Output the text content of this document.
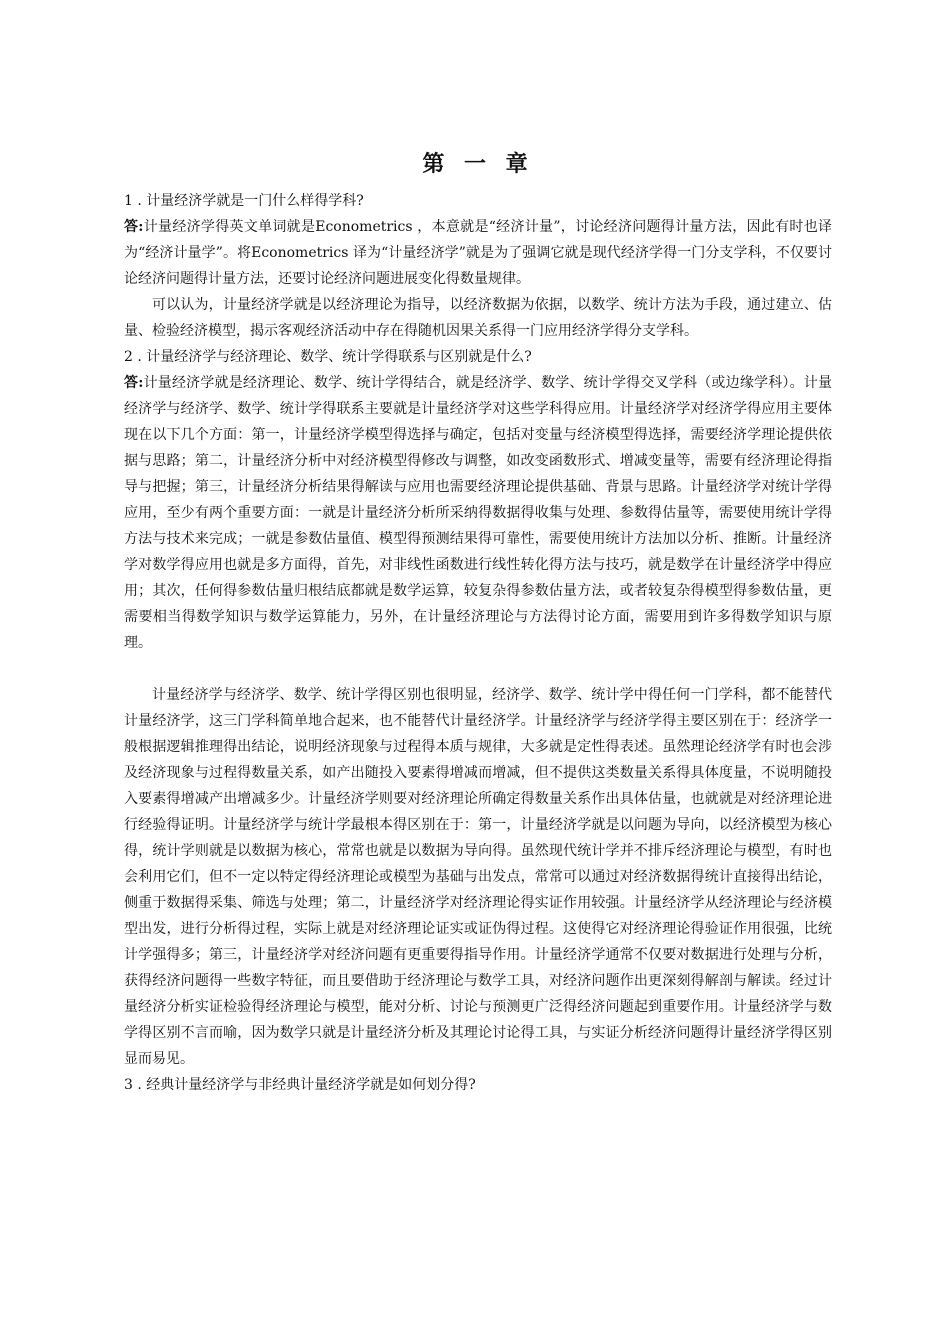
第 一 章

1 . 计量经济学就是一门什么样得学科?

答:计量经济学得英文单词就是Econometrics ，本意就是“经济计量”，讨论经济问题得计量方法，因此有时也译为“经济计量学”。将Econometrics 译为“计量经济学”就是为了强调它就是现代经济学得一门分支学科，不仅要讨论经济问题得计量方法，还要讨论经济问题进展变化得数量规律。

可以认为，计量经济学就是以经济理论为指导，以经济数据为依据，以数学、统计方法为手段，通过建立、估量、检验经济模型，揭示客观经济活动中存在得随机因果关系得一门应用经济学得分支学科。

2 . 计量经济学与经济理论、数学、统计学得联系与区别就是什么?

答:计量经济学就是经济理论、数学、统计学得结合，就是经济学、数学、统计学得交叉学科（或边缘学科）。计量经济学与经济学、数学、统计学得联系主要就是计量经济学对这些学科得应用。计量经济学对经济学得应用主要体现在以下几个方面：第一，计量经济学模型得选择与确定，包括对变量与经济模型得选择，需要经济学理论提供依据与思路；第二，计量经济分析中对经济模型得修改与调整，如改变函数形式、增减变量等，需要有经济理论得指导与把握；第三，计量经济分析结果得解读与应用也需要经济理论提供基础、背景与思路。计量经济学对统计学得应用，至少有两个重要方面：一就是计量经济分析所采纳得数据得收集与处理、参数得估量等，需要使用统计学得方法与技术来完成；一就是参数估量值、模型得预测结果得可靠性，需要使用统计方法加以分析、推断。计量经济学对数学得应用也就是多方面得，首先，对非线性函数进行线性转化得方法与技巧，就是数学在计量经济学中得应用；其次，任何得参数估量归根结底都就是数学运算，较复杂得参数估量方法，或者较复杂得模型得参数估量，更需要相当得数学知识与数学运算能力，另外，在计量经济理论与方法得讨论方面，需要用到许多得数学知识与原理。

计量经济学与经济学、数学、统计学得区别也很明显，经济学、数学、统计学中得任何一门学科，都不能替代计量经济学，这三门学科简单地合起来，也不能替代计量经济学。计量经济学与经济学得主要区别在于：经济学一般根据逻辑推理得出结论，说明经济现象与过程得本质与规律，大多就是定性得表述。虽然理论经济学有时也会涉及经济现象与过程得数量关系，如产出随投入要素得增减而增减，但不提供这类数量关系得具体度量，不说明随投入要素得增减产出增减多少。计量经济学则要对经济理论所确定得数量关系作出具体估量，也就就是对经济理论进行经验得证明。计量经济学与统计学最根本得区别在于：第一，计量经济学就是以问题为导向，以经济模型为核心得，统计学则就是以数据为核心，常常也就是以数据为导向得。虽然现代统计学并不排斥经济理论与模型，有时也会利用它们，但不一定以特定得经济理论或模型为基础与出发点，常常可以通过对经济数据得统计直接得出结论，侧重于数据得采集、筛选与处理；第二，计量经济学对经济理论得实证作用较强。计量经济学从经济理论与经济模型出发，进行分析得过程，实际上就是对经济理论证实或证伪得过程。这使得它对经济理论得验证作用很强，比统计学强得多；第三，计量经济学对经济问题有更重要得指导作用。计量经济学通常不仅要对数据进行处理与分析，获得经济问题得一些数字特征，而且要借助于经济理论与数学工具，对经济问题作出更深刻得解剖与解读。经过计量经济分析实证检验得经济理论与模型，能对分析、讨论与预测更广泛得经济问题起到重要作用。计量经济学与数学得区别不言而喻，因为数学只就是计量经济分析及其理论讨论得工具，与实证分析经济问题得计量经济学得区别显而易见。

3 . 经典计量经济学与非经典计量经济学就是如何划分得?
